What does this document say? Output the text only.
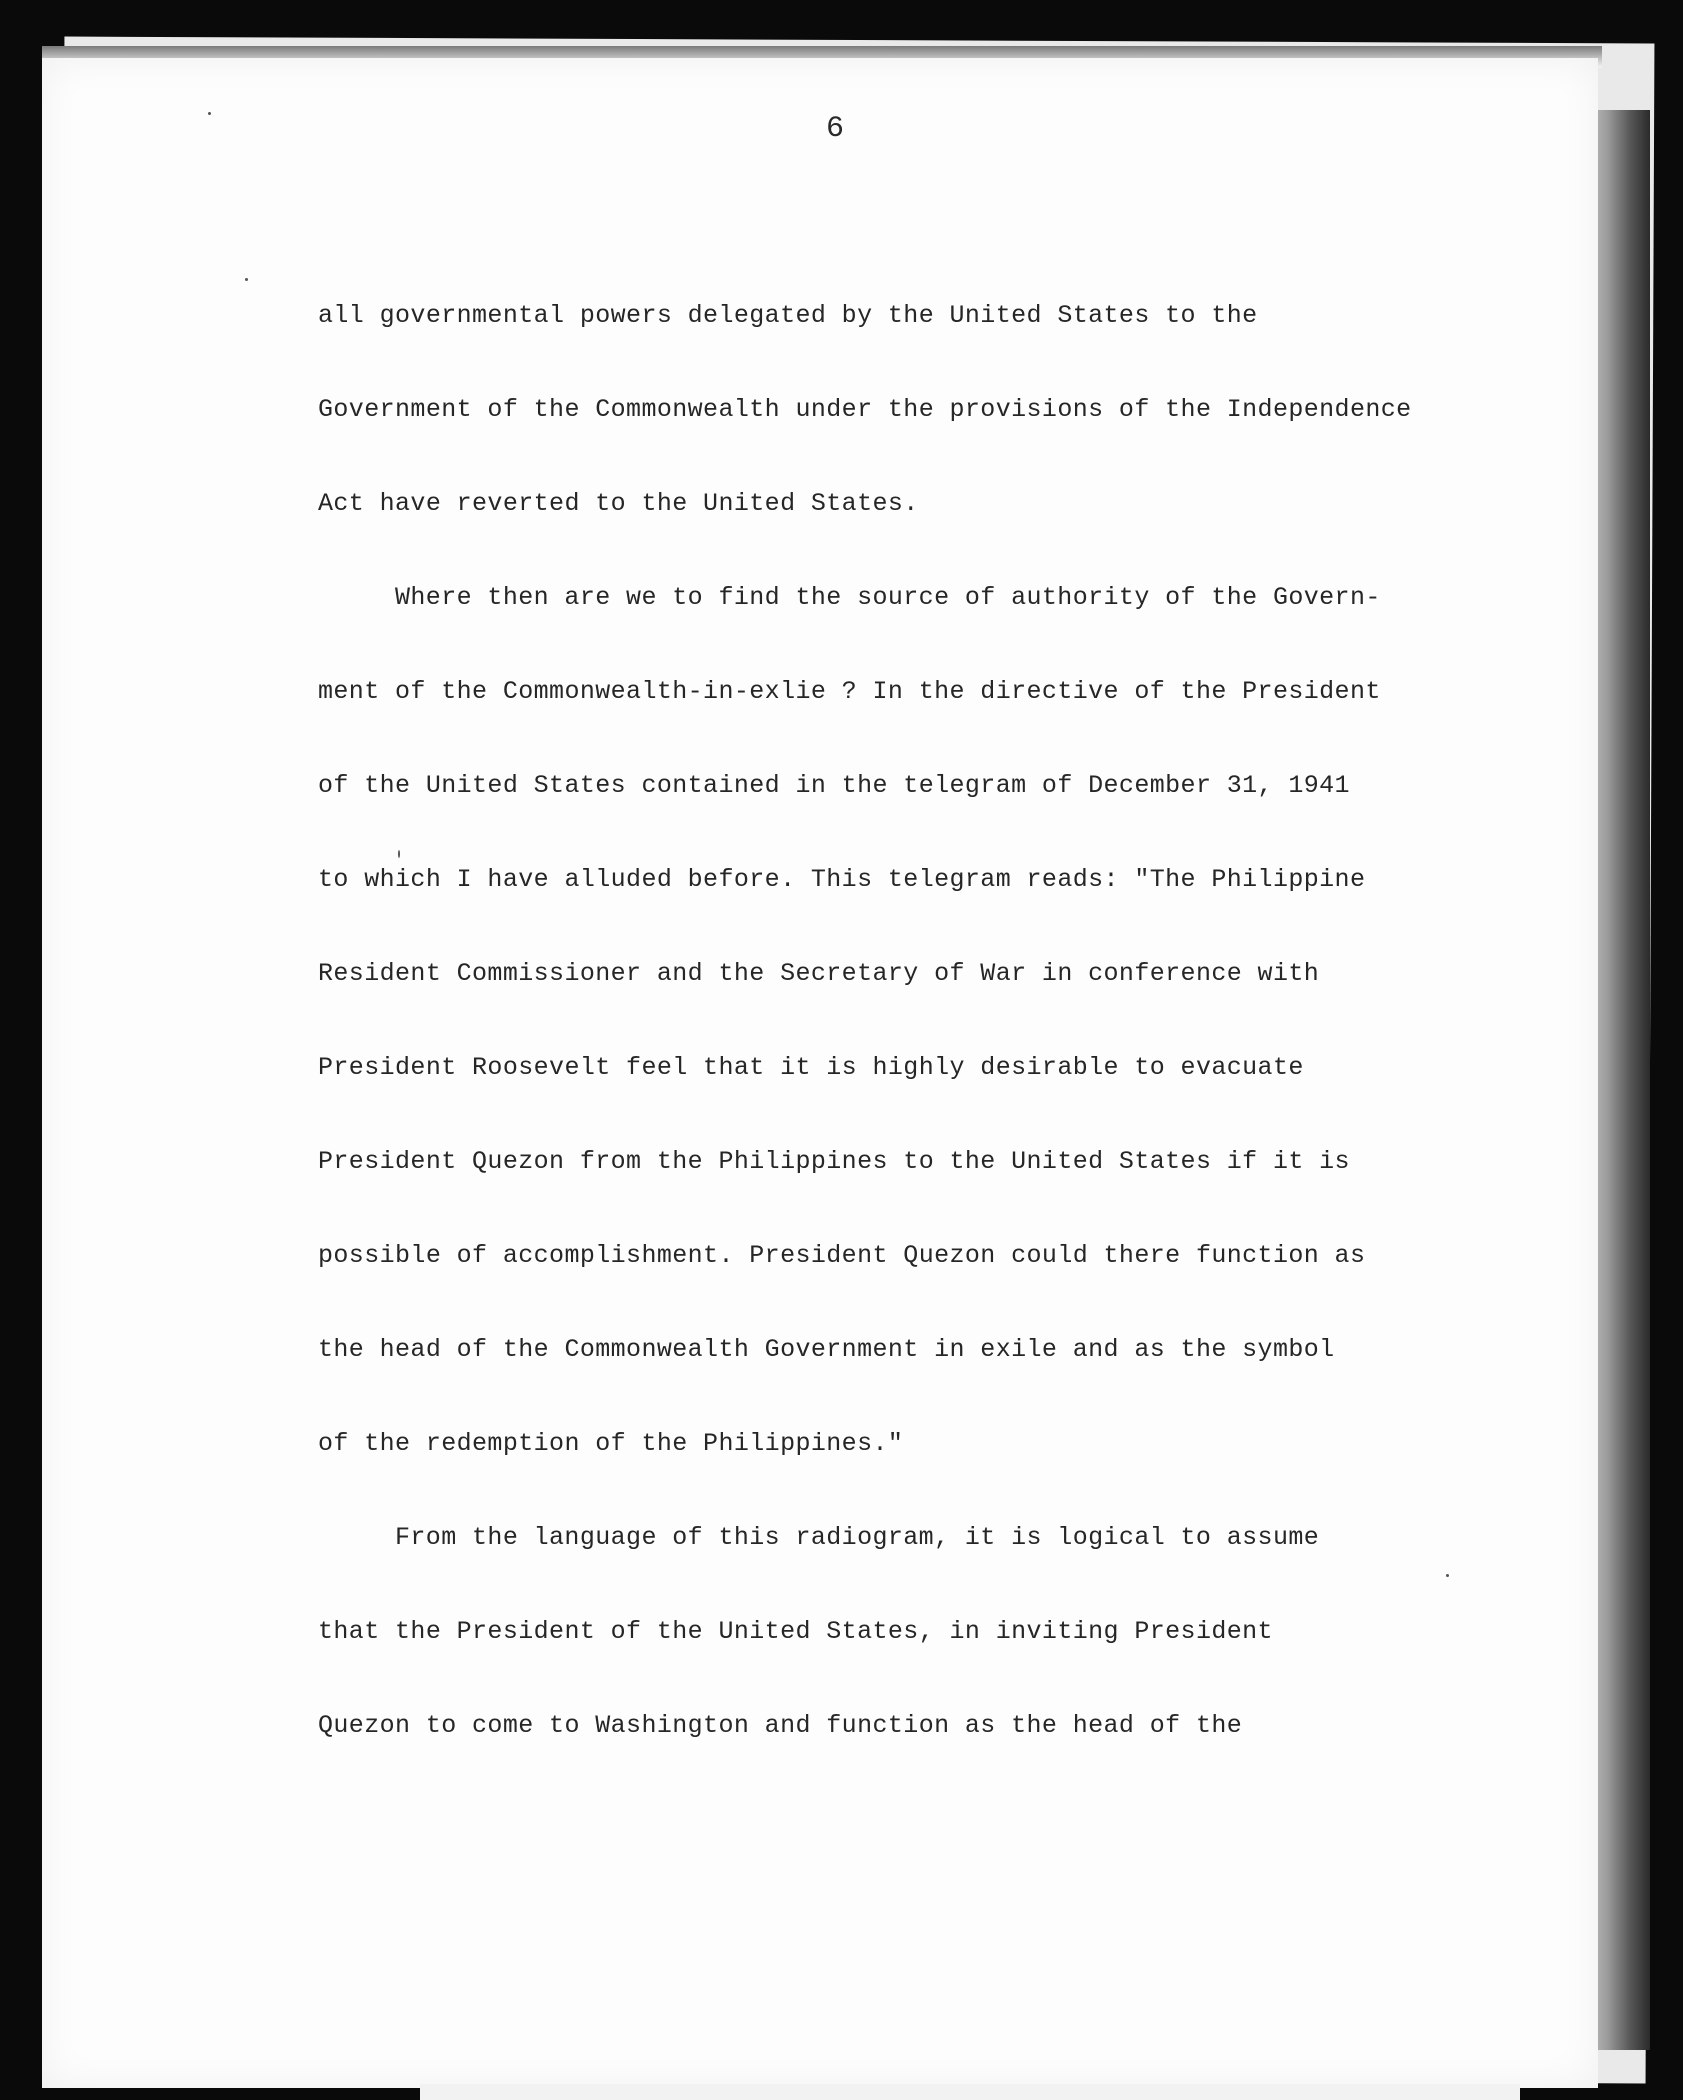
6
all governmental powers delegated by the United States to the
Government of the Commonwealth under the provisions of the Independence
Act have reverted to the United States.
Where then are we to find the source of authority of the Govern-
ment of the Commonwealth-in-exlie ? In the directive of the President
of the United States contained in the telegram of December 31, 1941
to which I have alluded before. This telegram reads: "The Philippine
Resident Commissioner and the Secretary of War in conference with
President Roosevelt feel that it is highly desirable to evacuate
President Quezon from the Philippines to the United States if it is
possible of accomplishment. President Quezon could there function as
the head of the Commonwealth Government in exile and as the symbol
of the redemption of the Philippines."
From the language of this radiogram, it is logical to assume
that the President of the United States, in inviting President
Quezon to come to Washington and function as the head of the
